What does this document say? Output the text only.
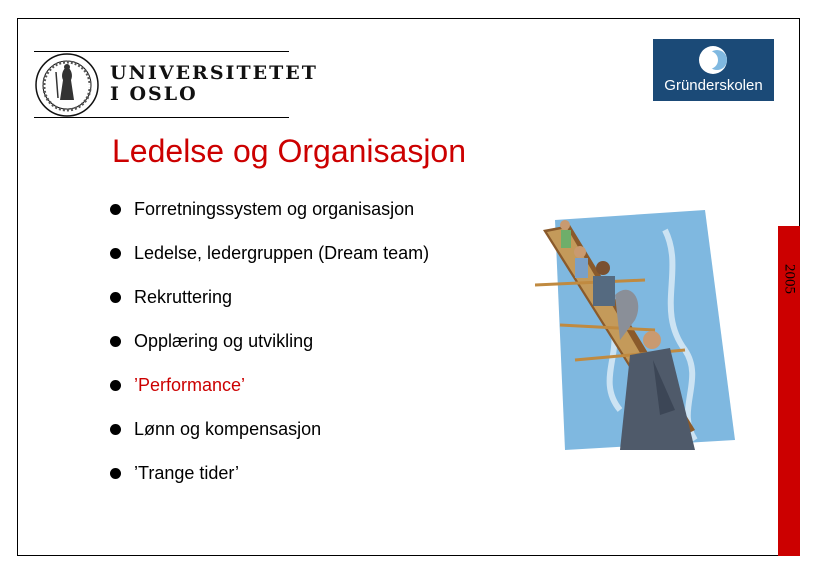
UNIVERSITETET
I OSLO	Gründerskolen
Ledelse og Organisasjon
Forretningssystem og organisasjon
Ledelse, ledergruppen (Dream team)
Rekruttering
Opplæring og utvikling
’Performance’
Lønn og kompensasjon
’Trange tider’
2005
